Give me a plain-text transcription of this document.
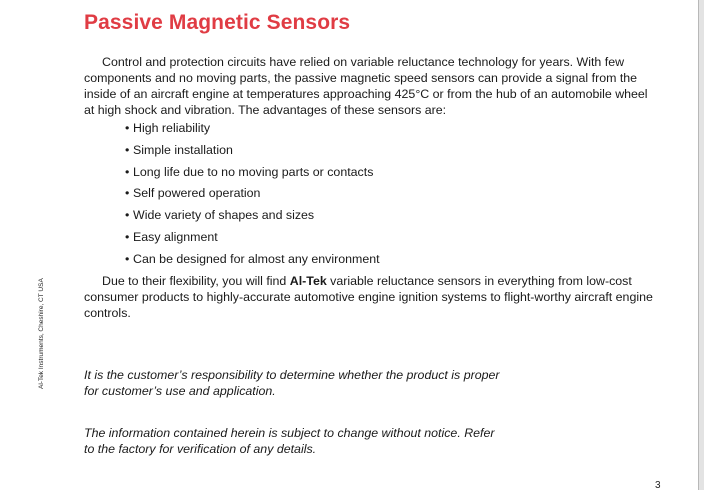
Passive Magnetic Sensors
Control and protection circuits have relied on variable reluctance technology for years. With few components and no moving parts, the passive magnetic speed sensors can provide a signal from the inside of an aircraft engine at temperatures approaching 425°C or from the hub of an automobile wheel at high shock and vibration. The advantages of these sensors are:
• High reliability
• Simple installation
• Long life due to no moving parts or contacts
• Self powered operation
• Wide variety of shapes and sizes
• Easy alignment
• Can be designed for almost any environment
Due to their flexibility, you will find Al-Tek variable reluctance sensors in everything from low-cost consumer products to highly-accurate automotive engine ignition systems to flight-worthy aircraft engine controls.
It is the customer’s responsibility to determine whether the product is proper for customer’s use and application.
The information contained herein is subject to change without notice. Refer to the factory for verification of any details.
Al-Tek Instruments, Cheshire, CT USA
3
